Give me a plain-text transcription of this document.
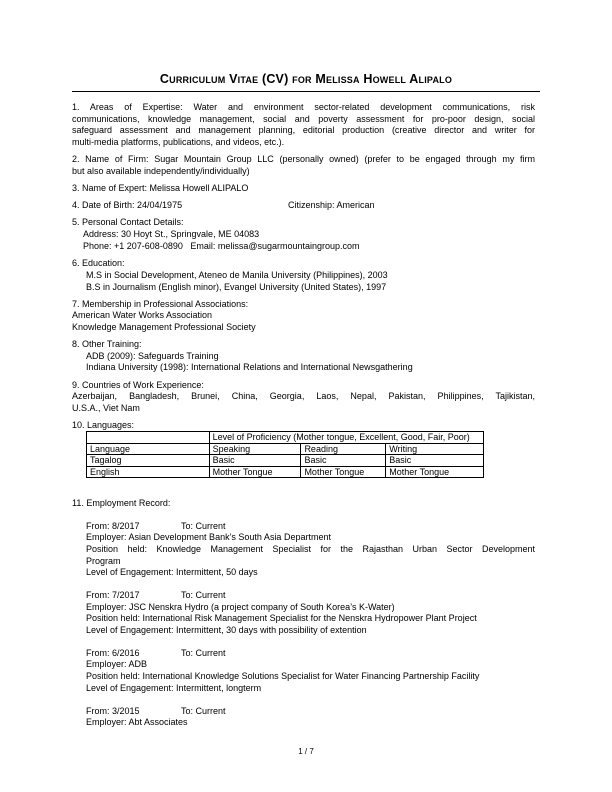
Curriculum Vitae (CV) for Melissa Howell Alipalo
1. Areas of Expertise: Water and environment sector-related development communications, risk
communications, knowledge management, social and poverty assessment for pro-poor design, social
safeguard assessment and management planning, editorial production (creative director and writer for
multi-media platforms, publications, and videos, etc.).
2. Name of Firm: Sugar Mountain Group LLC (personally owned) (prefer to be engaged through my firm
but also available independently/individually)
3. Name of Expert: Melissa Howell ALIPALO
4. Date of Birth: 24/04/1975	Citizenship: American
5. Personal Contact Details:
Address: 30 Hoyt St., Springvale, ME 04083
Phone: +1 207-608-0890   Email: melissa@sugarmountaingroup.com
6. Education:
M.S in Social Development, Ateneo de Manila University (Philippines), 2003
B.S in Journalism (English minor), Evangel University (United States), 1997
7. Membership in Professional Associations:
American Water Works Association
Knowledge Management Professional Society
8. Other Training:
ADB (2009): Safeguards Training
Indiana University (1998): International Relations and International Newsgathering
9. Countries of Work Experience:
Azerbaijan, Bangladesh, Brunei, China, Georgia, Laos, Nepal, Pakistan, Philippines, Tajikistan,
U.S.A., Viet Nam
10. Languages:
	Level of Proficiency (Mother tongue, Excellent, Good, Fair, Poor)		
Language	Speaking	Reading	Writing
Tagalog	Basic	Basic	Basic
English	Mother Tongue	Mother Tongue	Mother Tongue
11. Employment Record:
From: 8/2017	To: Current
Employer: Asian Development Bank’s South Asia Department
Position held: Knowledge Management Specialist for the Rajasthan Urban Sector Development
Program
Level of Engagement: Intermittent, 50 days
From: 7/2017	To: Current
Employer: JSC Nenskra Hydro (a project company of South Korea’s K-Water)
Position held: International Risk Management Specialist for the Nenskra Hydropower Plant Project
Level of Engagement: Intermittent, 30 days with possibility of extention
From: 6/2016	To: Current
Employer: ADB
Position held: International Knowledge Solutions Specialist for Water Financing Partnership Facility
Level of Engagement: Intermittent, longterm
From: 3/2015	To: Current
Employer: Abt Associates
1 / 7
